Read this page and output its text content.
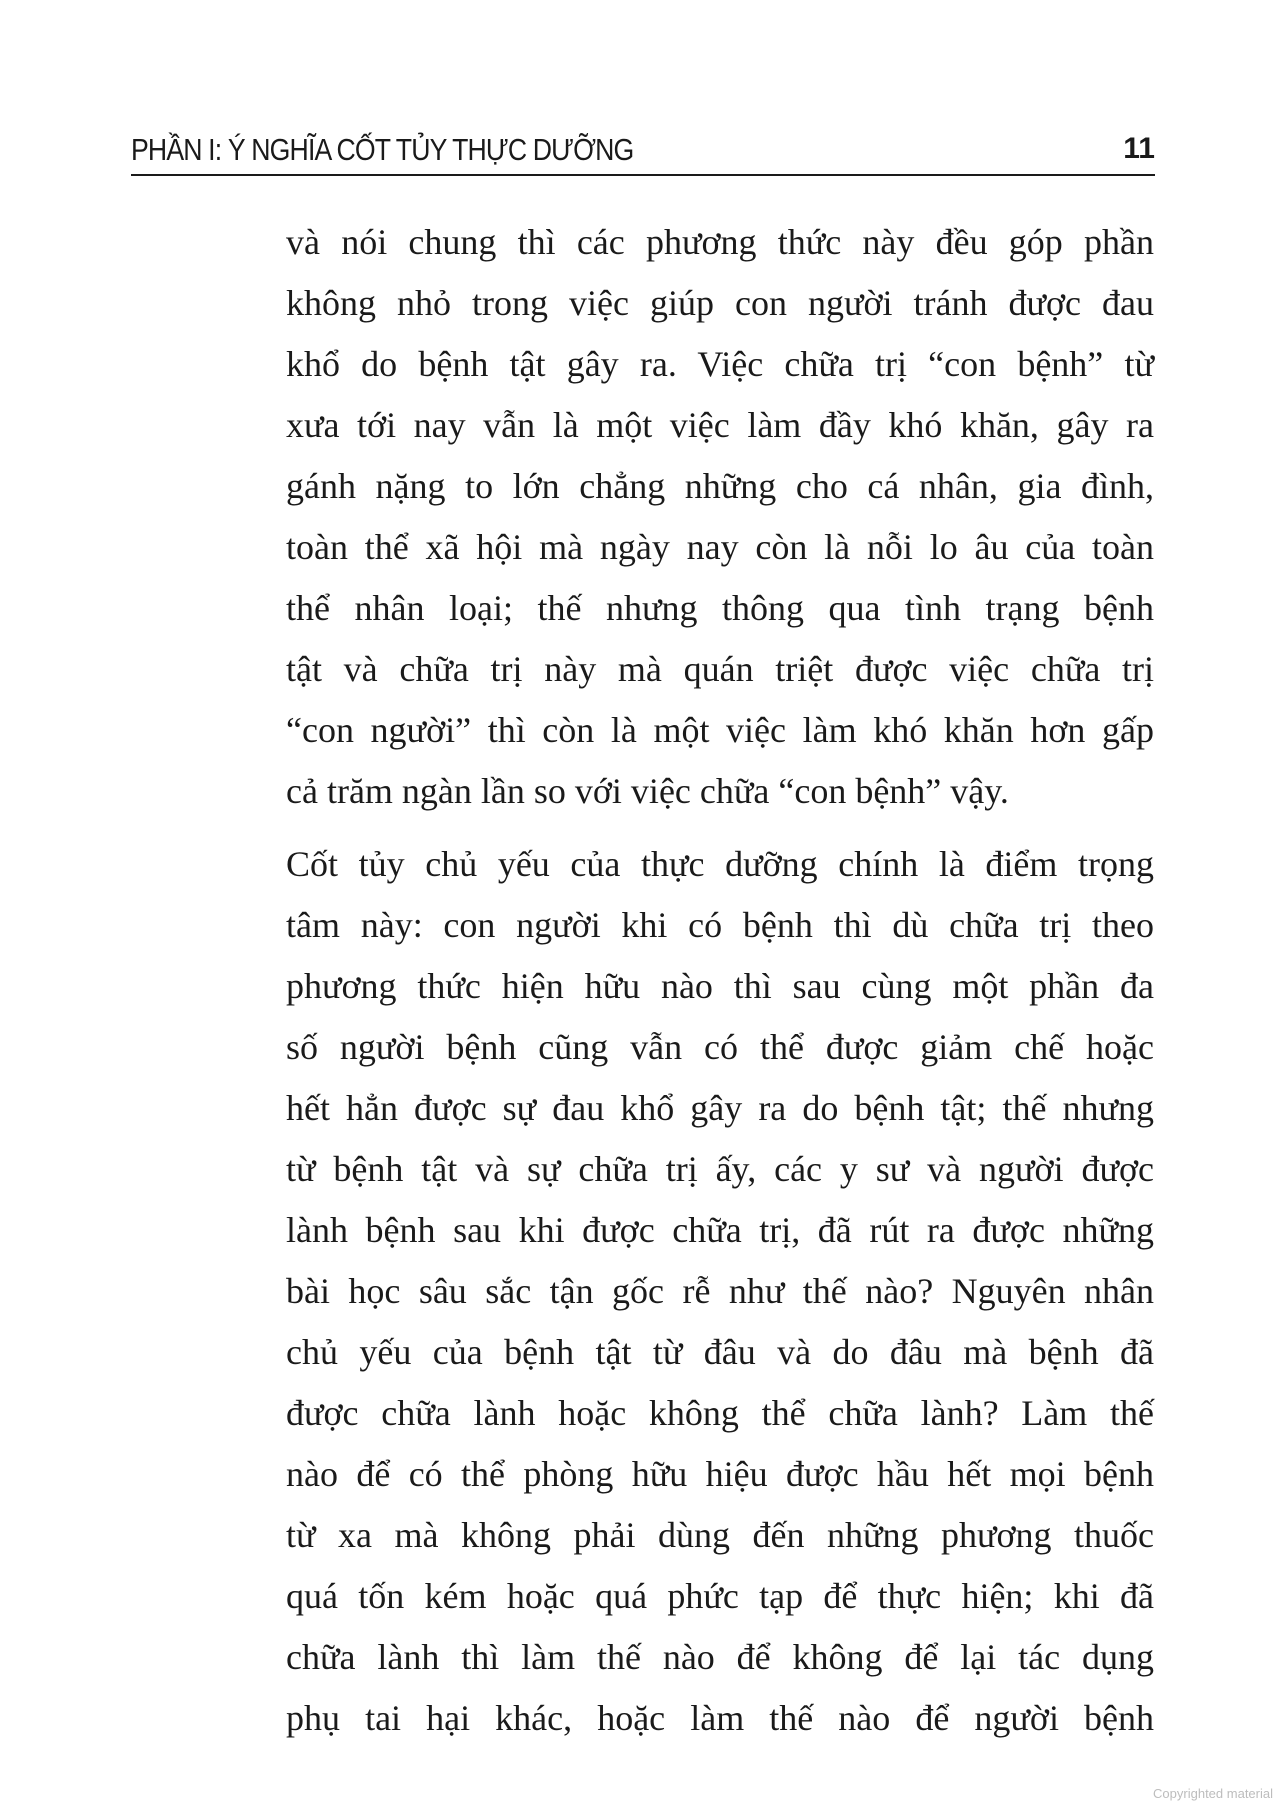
PHẦN I: Ý NGHĨA CỐT TỦY THỰC DƯỠNG	11

và nói chung thì các phương thức này đều góp phần
không nhỏ trong việc giúp con người tránh được đau
khổ do bệnh tật gây ra. Việc chữa trị “con bệnh” từ
xưa tới nay vẫn là một việc làm đầy khó khăn, gây ra
gánh nặng to lớn chẳng những cho cá nhân, gia đình,
toàn thể xã hội mà ngày nay còn là nỗi lo âu của toàn
thể nhân loại; thế nhưng thông qua tình trạng bệnh
tật và chữa trị này mà quán triệt được việc chữa trị
“con người” thì còn là một việc làm khó khăn hơn gấp
cả trăm ngàn lần so với việc chữa “con bệnh” vậy.

Cốt tủy chủ yếu của thực dưỡng chính là điểm trọng
tâm này: con người khi có bệnh thì dù chữa trị theo
phương thức hiện hữu nào thì sau cùng một phần đa
số người bệnh cũng vẫn có thể được giảm chế hoặc
hết hẳn được sự đau khổ gây ra do bệnh tật; thế nhưng
từ bệnh tật và sự chữa trị ấy, các y sư và người được
lành bệnh sau khi được chữa trị, đã rút ra được những
bài học sâu sắc tận gốc rễ như thế nào? Nguyên nhân
chủ yếu của bệnh tật từ đâu và do đâu mà bệnh đã
được chữa lành hoặc không thể chữa lành? Làm thế
nào để có thể phòng hữu hiệu được hầu hết mọi bệnh
từ xa mà không phải dùng đến những phương thuốc
quá tốn kém hoặc quá phức tạp để thực hiện; khi đã
chữa lành thì làm thế nào để không để lại tác dụng
phụ tai hại khác, hoặc làm thế nào để người bệnh

Copyrighted material
